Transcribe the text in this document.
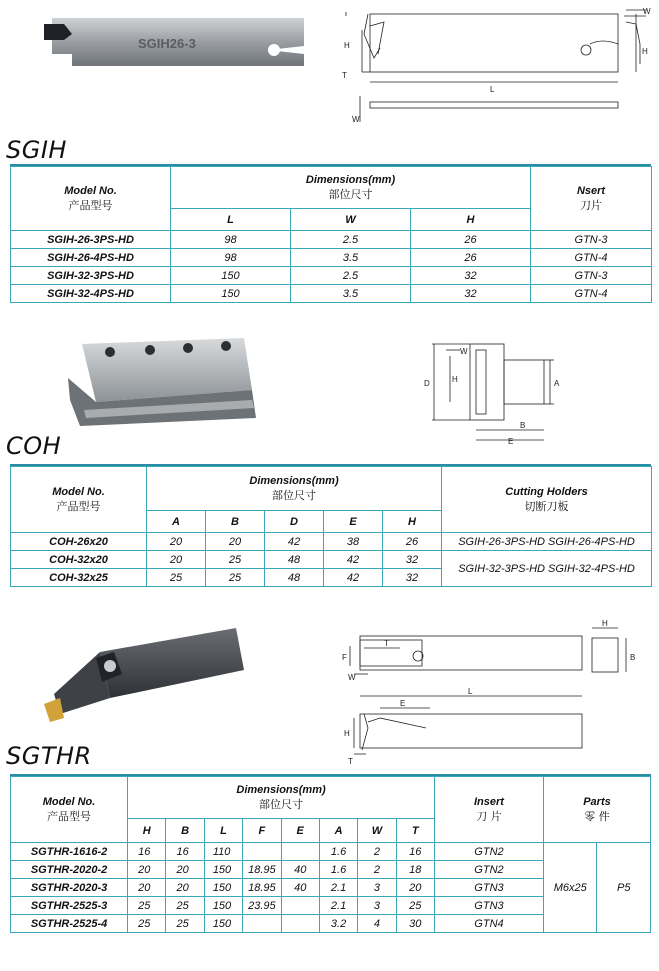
SGIH26-3
W
H
H
T
L
W
SGIH
Model No.
产品型号	Dimensions(mm)
部位尺寸			Nsert
刀片
	L	W	H	
SGIH-26-3PS-HD	98	2.5	26	GTN-3
SGIH-26-4PS-HD	98	3.5	26	GTN-4
SGIH-32-3PS-HD	150	2.5	32	GTN-3
SGIH-32-4PS-HD	150	3.5	32	GTN-4
W
H
D	A
B
E
COH
Model No.
产品型号	Dimensions(mm)
部位尺寸					Cutting Holders
切断刀板
	A	B	D	E	H	
COH-26x20	20	20	42	38	26	SGIH-26-3PS-HD SGIH-26-4PS-HD
COH-32x20	20	25	48	42	32	SGIH-32-3PS-HD SGIH-32-4PS-HD
COH-32x25	25	25	48	42	32	
H
B
F
T
W
L
E
H
T
SGTHR
Model No.
产品型号	Dimensions(mm)
部位尺寸								Insert
刀 片	Parts
零 件	
	H	B	L	F	E	A	W	T			
SGTHR-1616-2	16	16	110			1.6	2	16	GTN2	M6x25	P5
SGTHR-2020-2	20	20	150	18.95	40	1.6	2	18	GTN2		
SGTHR-2020-3	20	20	150	18.95	40	2.1	3	20	GTN3		
SGTHR-2525-3	25	25	150	23.95		2.1	3	25	GTN3		
SGTHR-2525-4	25	25	150			3.2	4	30	GTN4		
